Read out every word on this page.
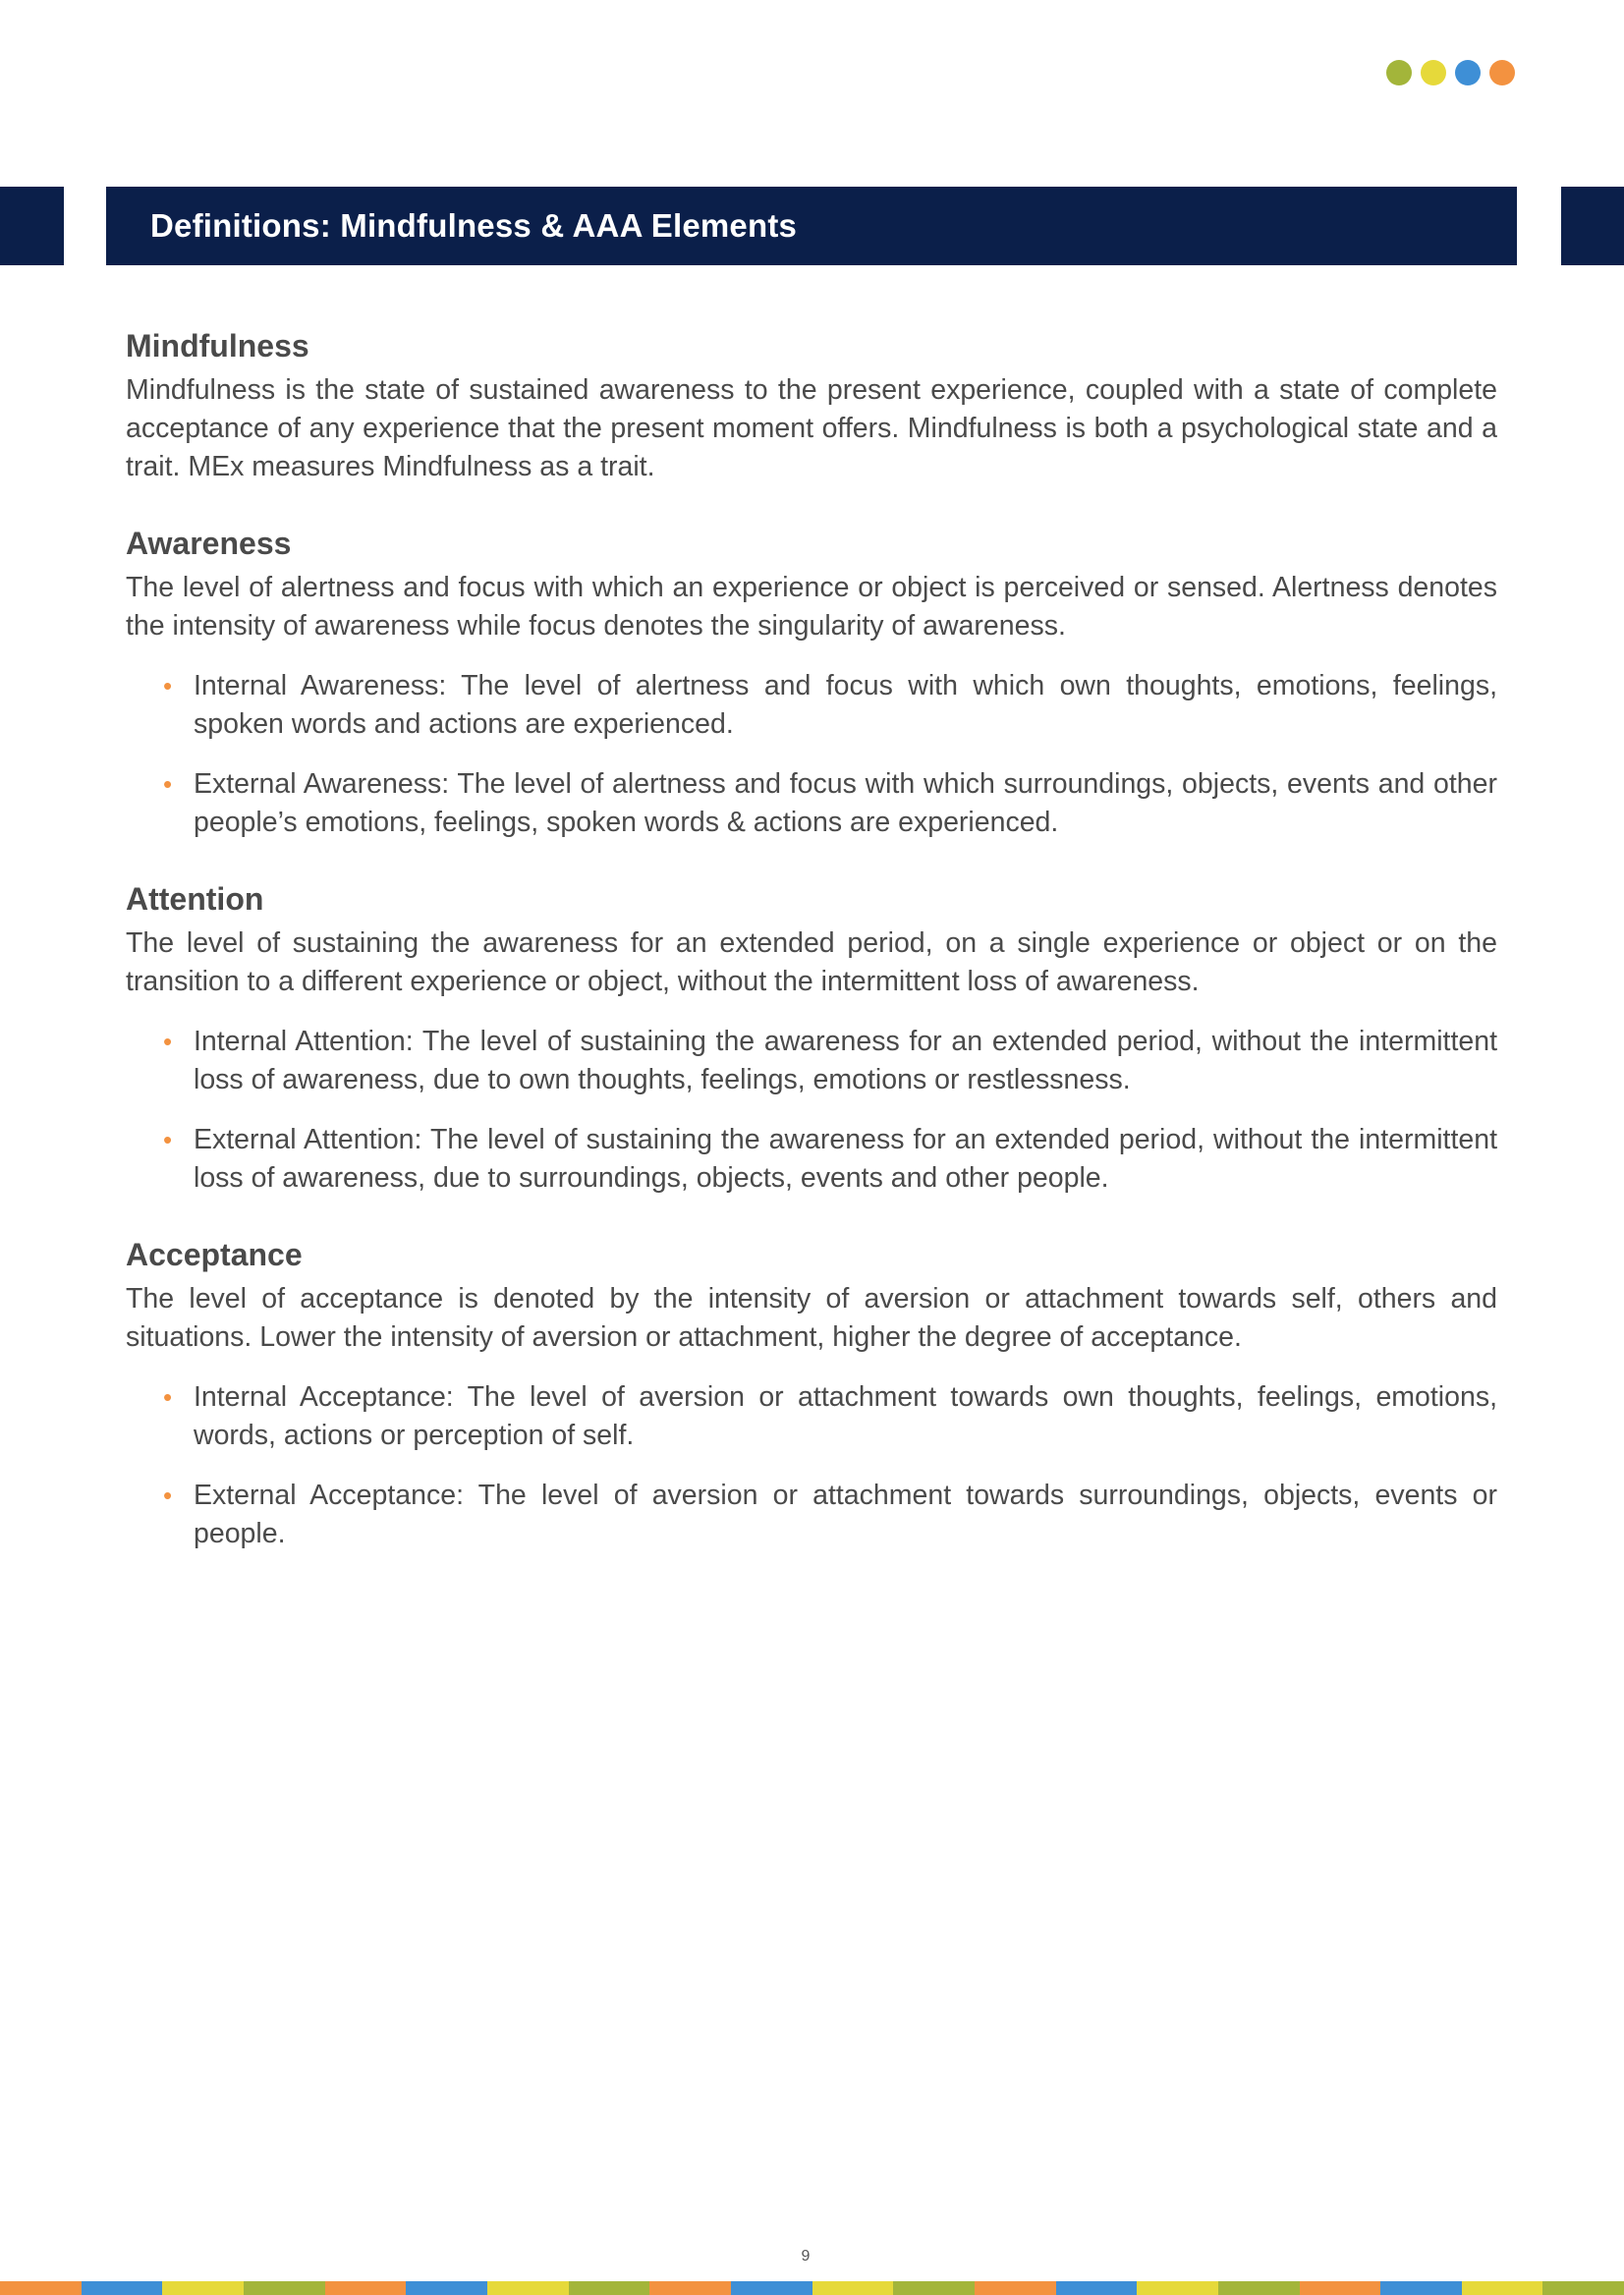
Definitions: Mindfulness & AAA Elements
Mindfulness

Mindfulness is the state of sustained awareness to the present experience, coupled with a state of complete acceptance of any experience that the present moment offers. Mindfulness is both a psychological state and a trait. MEx measures Mindfulness as a trait.

Awareness

The level of alertness and focus with which an experience or object is perceived or sensed. Alertness denotes the intensity of awareness while focus denotes the singularity of awareness.

• Internal Awareness: The level of alertness and focus with which own thoughts, emotions, feelings, spoken words and actions are experienced.
• External Awareness: The level of alertness and focus with which surroundings, objects, events and other people’s emotions, feelings, spoken words & actions are experienced.
Attention

The level of sustaining the awareness for an extended period, on a single experience or object or on the transition to a different experience or object, without the intermittent loss of awareness.

• Internal Attention: The level of sustaining the awareness for an extended period, without the intermittent loss of awareness, due to own thoughts, feelings, emotions or restlessness.
• External Attention: The level of sustaining the awareness for an extended period, without the intermittent loss of awareness, due to surroundings, objects, events and other people.
Acceptance

The level of acceptance is denoted by the intensity of aversion or attachment towards self, others and situations. Lower the intensity of aversion or attachment, higher the degree of acceptance.

• Internal Acceptance: The level of aversion or attachment towards own thoughts, feelings, emotions, words, actions or perception of self.
• External Acceptance: The level of aversion or attachment towards surroundings, objects, events or people.
9
